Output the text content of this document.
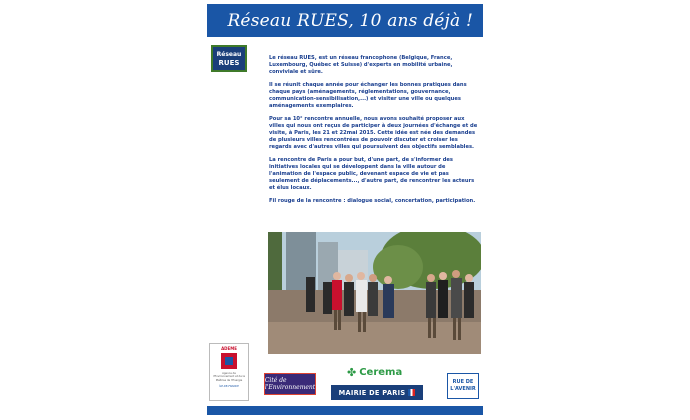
Réseau RUES, 10 ans déjà !
Réseau
RUES

Le réseau RUES, est un réseau francophone (Belgique, France, Luxembourg, Québec et Suisse) d'experts en mobilité urbaine, conviviale et sûre.

Il se réunit chaque année pour échanger les bonnes pratiques dans chaque pays (aménagements, réglementations, gouvernance, communication-sensibilisation,...) et visiter une ville ou quelques aménagements exemplaires.

Pour sa 10° rencontre annuelle, nous avons souhaité proposer aux villes qui nous ont reçus de participer à deux journées d'échange et de visite, à Paris, les 21 et 22mai 2015. Cette idée est née des demandes de plusieurs villes rencontrées de pouvoir discuter et croiser les regards avec d'autres villes qui poursuivent des objectifs semblables.

La rencontre de Paris a pour but, d'une part, de s'informer des initiatives locales qui se développent dans la ville autour de l'animation de l'espace public, devenant espace de vie et pas seulement de déplacements..., d'autre part, de rencontrer les acteurs et élus locaux.

Fil rouge de la rencontre : dialogue social, concertation, participation.

ADEME
Agence de l'Environnement et de la Maîtrise de l'Energie
ÎLE-DE-FRANCE
Cité de l'Environnement
✤ Cerema
MAIRIE DE PARIS
RUE DE
L'AVENIR
